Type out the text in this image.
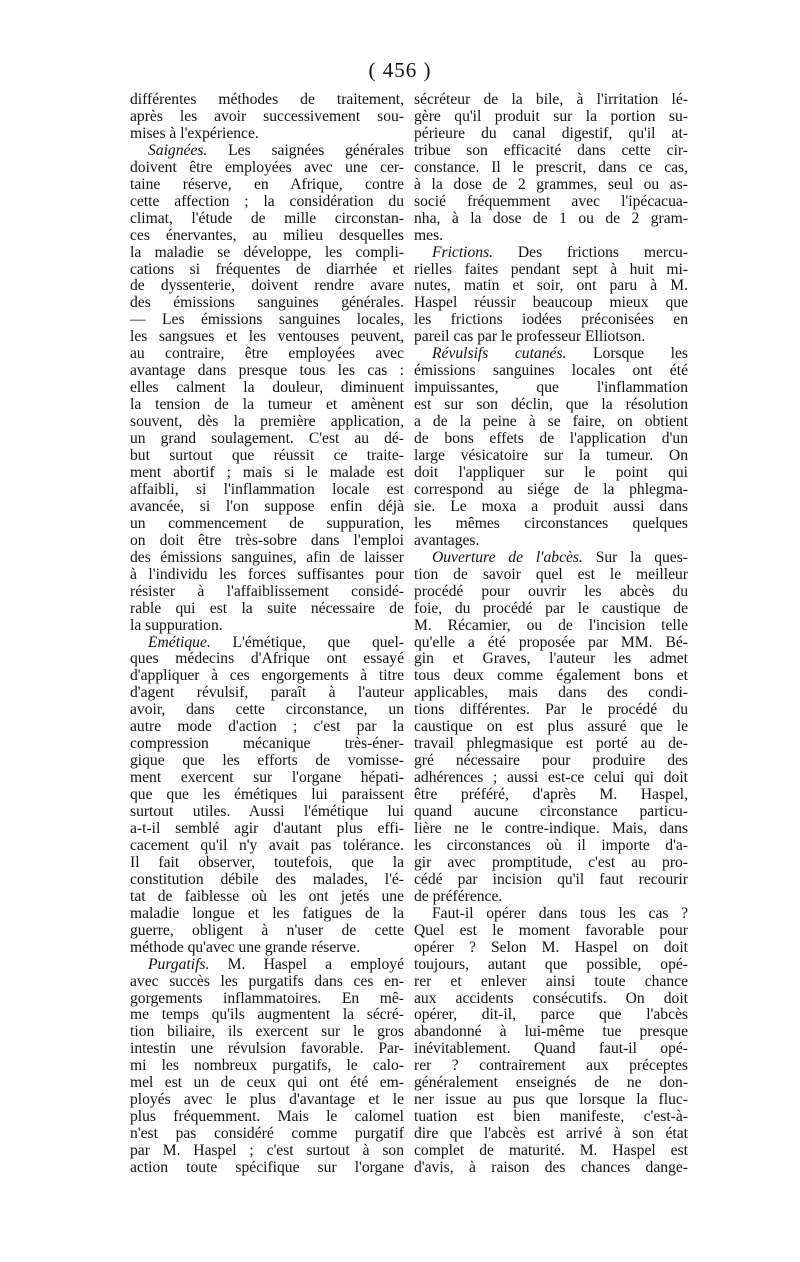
( 456 )
différentes méthodes de traitement,
après les avoir successivement sou-
mises à l'expérience.
Saignées. Les saignées générales
doivent être employées avec une cer-
taine réserve, en Afrique, contre
cette affection ; la considération du
climat, l'étude de mille circonstan-
ces énervantes, au milieu desquelles
la maladie se développe, les compli-
cations si fréquentes de diarrhée et
de dyssenterie, doivent rendre avare
des émissions sanguines générales.
— Les émissions sanguines locales,
les sangsues et les ventouses peuvent,
au contraire, être employées avec
avantage dans presque tous les cas :
elles calment la douleur, diminuent
la tension de la tumeur et amènent
souvent, dès la première application,
un grand soulagement. C'est au dé-
but surtout que réussit ce traite-
ment abortif ; mais si le malade est
affaibli, si l'inflammation locale est
avancée, si l'on suppose enfin déjà
un commencement de suppuration,
on doit être très-sobre dans l'emploi
des émissions sanguines, afin de laisser
à l'individu les forces suffisantes pour
résister à l'affaiblissement considé-
rable qui est la suite nécessaire de
la suppuration.
Émétique. L'émétique, que quel-
ques médecins d'Afrique ont essayé
d'appliquer à ces engorgements à titre
d'agent révulsif, paraît à l'auteur
avoir, dans cette circonstance, un
autre mode d'action ; c'est par la
compression mécanique très-éner-
gique que les efforts de vomisse-
ment exercent sur l'organe hépati-
que que les émétiques lui paraissent
surtout utiles. Aussi l'émétique lui
a-t-il semblé agir d'autant plus effi-
cacement qu'il n'y avait pas tolérance.
Il fait observer, toutefois, que la
constitution débile des malades, l'é-
tat de faiblesse où les ont jetés une
maladie longue et les fatigues de la
guerre, obligent à n'user de cette
méthode qu'avec une grande réserve.
Purgatifs. M. Haspel a employé
avec succès les purgatifs dans ces en-
gorgements inflammatoires. En mê-
me temps qu'ils augmentent la sécré-
tion biliaire, ils exercent sur le gros
intestin une révulsion favorable. Par-
mi les nombreux purgatifs, le calo-
mel est un de ceux qui ont été em-
ployés avec le plus d'avantage et le
plus fréquemment. Mais le calomel
n'est pas considéré comme purgatif
par M. Haspel ; c'est surtout à son
action toute spécifique sur l'organe
sécréteur de la bile, à l'irritation lé-
gère qu'il produit sur la portion su-
périeure du canal digestif, qu'il at-
tribue son efficacité dans cette cir-
constance. Il le prescrit, dans ce cas,
à la dose de 2 grammes, seul ou as-
socié fréquemment avec l'ipécacua-
nha, à la dose de 1 ou de 2 gram-
mes.
Frictions. Des frictions mercu-
rielles faites pendant sept à huit mi-
nutes, matin et soir, ont paru à M.
Haspel réussir beaucoup mieux que
les frictions iodées préconisées en
pareil cas par le professeur Elliotson.
Révulsifs cutanés. Lorsque les
émissions sanguines locales ont été
impuissantes, que l'inflammation
est sur son déclin, que la résolution
a de la peine à se faire, on obtient
de bons effets de l'application d'un
large vésicatoire sur la tumeur. On
doit l'appliquer sur le point qui
correspond au siége de la phlegma-
sie. Le moxa a produit aussi dans
les mêmes circonstances quelques
avantages.
Ouverture de l'abcès. Sur la ques-
tion de savoir quel est le meilleur
procédé pour ouvrir les abcès du
foie, du procédé par le caustique de
M. Récamier, ou de l'incision telle
qu'elle a été proposée par MM. Bé-
gin et Graves, l'auteur les admet
tous deux comme également bons et
applicables, mais dans des condi-
tions différentes. Par le procédé du
caustique on est plus assuré que le
travail phlegmasique est porté au de-
gré nécessaire pour produire des
adhérences ; aussi est-ce celui qui doit
être préféré, d'après M. Haspel,
quand aucune circonstance particu-
lière ne le contre-indique. Mais, dans
les circonstances où il importe d'a-
gir avec promptitude, c'est au pro-
cédé par incision qu'il faut recourir
de préférence.
Faut-il opérer dans tous les cas ?
Quel est le moment favorable pour
opérer ? Selon M. Haspel on doit
toujours, autant que possible, opé-
rer et enlever ainsi toute chance
aux accidents consécutifs. On doit
opérer, dit-il, parce que l'abcès
abandonné à lui-même tue presque
inévitablement. Quand faut-il opé-
rer ? contrairement aux préceptes
généralement enseignés de ne don-
ner issue au pus que lorsque la fluc-
tuation est bien manifeste, c'est-à-
dire que l'abcès est arrivé à son état
complet de maturité. M. Haspel est
d'avis, à raison des chances dange-
